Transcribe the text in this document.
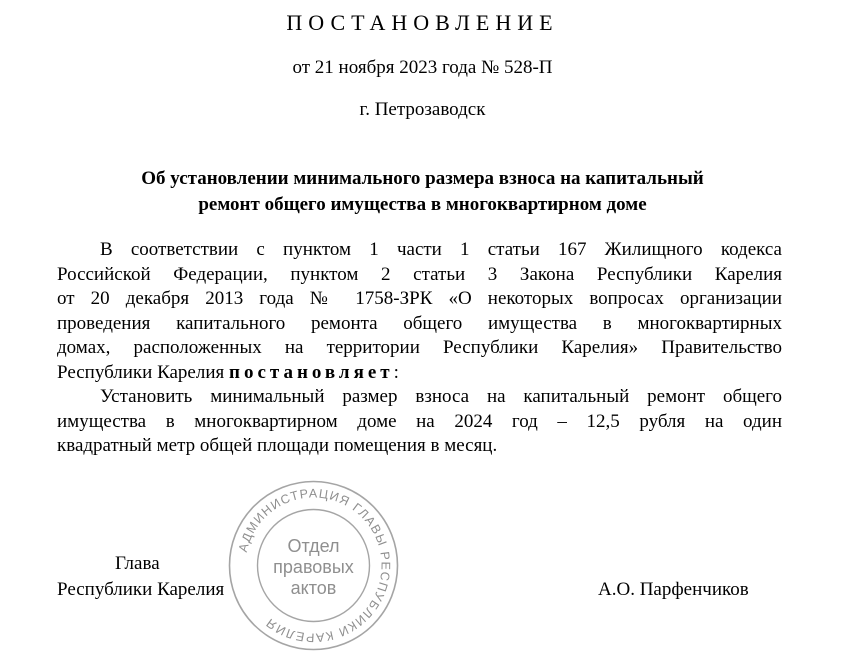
ПОСТАНОВЛЕНИЕ
от 21 ноября 2023 года № 528-П
г. Петрозаводск
Об установлении минимального размера взноса на капитальный
ремонт общего имущества в многоквартирном доме
В соответствии с пунктом 1 части 1 статьи 167 Жилищного кодекса
Российской Федерации, пунктом 2 статьи 3 Закона Республики Карелия
от 20 декабря 2013 года № 1758-ЗРК «О некоторых вопросах организации
проведения капитального ремонта общего имущества в многоквартирных
домах, расположенных на территории Республики Карелия» Правительство
Республики Карелия постановляет:
Установить минимальный размер взноса на капитальный ремонт общего
имущества в многоквартирном доме на 2024 год – 12,5 рубля на один
квадратный метр общей площади помещения в месяц.
Глава
Республики Карелия	А.О. Парфенчиков
АДМИНИСТРАЦИЯ ГЛАВЫ РЕСПУБЛИКИ КАРЕЛИЯ
Отдел
правовых
актов
